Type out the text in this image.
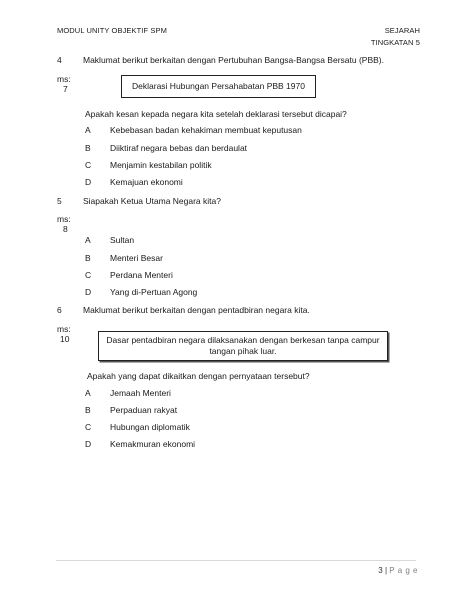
MODUL UNITY OBJEKTIF SPM	SEJARAH
TINGKATAN 5
4	Maklumat berikut berkaitan dengan Pertubuhan Bangsa-Bangsa Bersatu (PBB).
ms:
7	Deklarasi Hubungan Persahabatan PBB 1970
Apakah kesan kepada negara kita setelah deklarasi tersebut dicapai?
A Kebebasan badan kehakiman membuat keputusan
B Diiktiraf negara bebas dan berdaulat
C Menjamin kestabilan politik
D Kemajuan ekonomi
5	Siapakah Ketua Utama Negara kita?
ms:
8
A Sultan
B Menteri Besar
C Perdana Menteri
D Yang di-Pertuan Agong
6	Maklumat berikut berkaitan dengan pentadbiran negara kita.
ms:
10	Dasar pentadbiran negara dilaksanakan dengan berkesan tanpa campur
tangan pihak luar.
Apakah yang dapat dikaitkan dengan pernyataan tersebut?
A Jemaah Menteri
B Perpaduan rakyat
C Hubungan diplomatik
D Kemakmuran ekonomi
3 | P a g e
